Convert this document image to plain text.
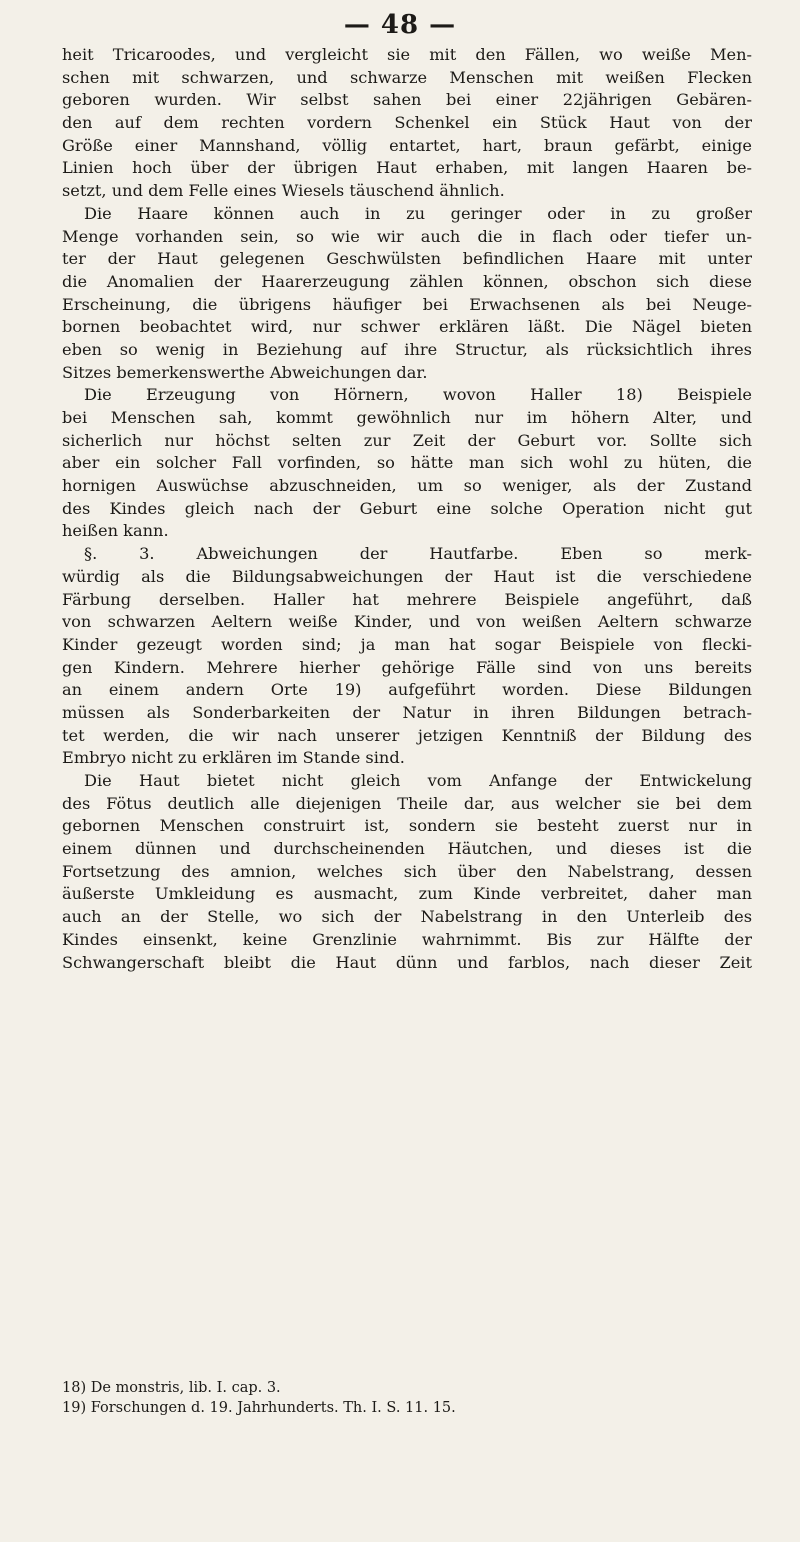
— 48 —
heit Tricaroodes, und vergleicht sie mit den Fällen, wo weiße Men-
schen mit schwarzen, und schwarze Menschen mit weißen Flecken
geboren wurden. Wir selbst sahen bei einer 22jährigen Gebären-
den auf dem rechten vordern Schenkel ein Stück Haut von der
Größe einer Mannshand, völlig entartet, hart, braun gefärbt, einige
Linien hoch über der übrigen Haut erhaben, mit langen Haaren be-
setzt, und dem Felle eines Wiesels täuschend ähnlich.
Die Haare können auch in zu geringer oder in zu großer
Menge vorhanden sein, so wie wir auch die in flach oder tiefer un-
ter der Haut gelegenen Geschwülsten befindlichen Haare mit unter
die Anomalien der Haarerzeugung zählen können, obschon sich diese
Erscheinung, die übrigens häufiger bei Erwachsenen als bei Neuge-
bornen beobachtet wird, nur schwer erklären läßt. Die Nägel bieten
eben so wenig in Beziehung auf ihre Structur, als rücksichtlich ihres
Sitzes bemerkenswerthe Abweichungen dar.
Die Erzeugung von Hörnern, wovon Haller 18) Beispiele
bei Menschen sah, kommt gewöhnlich nur im höhern Alter, und
sicherlich nur höchst selten zur Zeit der Geburt vor. Sollte sich
aber ein solcher Fall vorfinden, so hätte man sich wohl zu hüten, die
hornigen Auswüchse abzuschneiden, um so weniger, als der Zustand
des Kindes gleich nach der Geburt eine solche Operation nicht gut
heißen kann.
§. 3. Abweichungen der Hautfarbe. Eben so merk-
würdig als die Bildungsabweichungen der Haut ist die verschiedene
Färbung derselben. Haller hat mehrere Beispiele angeführt, daß
von schwarzen Aeltern weiße Kinder, und von weißen Aeltern schwarze
Kinder gezeugt worden sind; ja man hat sogar Beispiele von flecki-
gen Kindern. Mehrere hierher gehörige Fälle sind von uns bereits
an einem andern Orte 19) aufgeführt worden. Diese Bildungen
müssen als Sonderbarkeiten der Natur in ihren Bildungen betrach-
tet werden, die wir nach unserer jetzigen Kenntniß der Bildung des
Embryo nicht zu erklären im Stande sind.
Die Haut bietet nicht gleich vom Anfange der Entwickelung
des Fötus deutlich alle diejenigen Theile dar, aus welcher sie bei dem
gebornen Menschen construirt ist, sondern sie besteht zuerst nur in
einem dünnen und durchscheinenden Häutchen, und dieses ist die
Fortsetzung des amnion, welches sich über den Nabelstrang, dessen
äußerste Umkleidung es ausmacht, zum Kinde verbreitet, daher man
auch an der Stelle, wo sich der Nabelstrang in den Unterleib des
Kindes einsenkt, keine Grenzlinie wahrnimmt. Bis zur Hälfte der
Schwangerschaft bleibt die Haut dünn und farblos, nach dieser Zeit
18) De monstris, lib. I. cap. 3.
19) Forschungen d. 19. Jahrhunderts. Th. I. S. 11. 15.
